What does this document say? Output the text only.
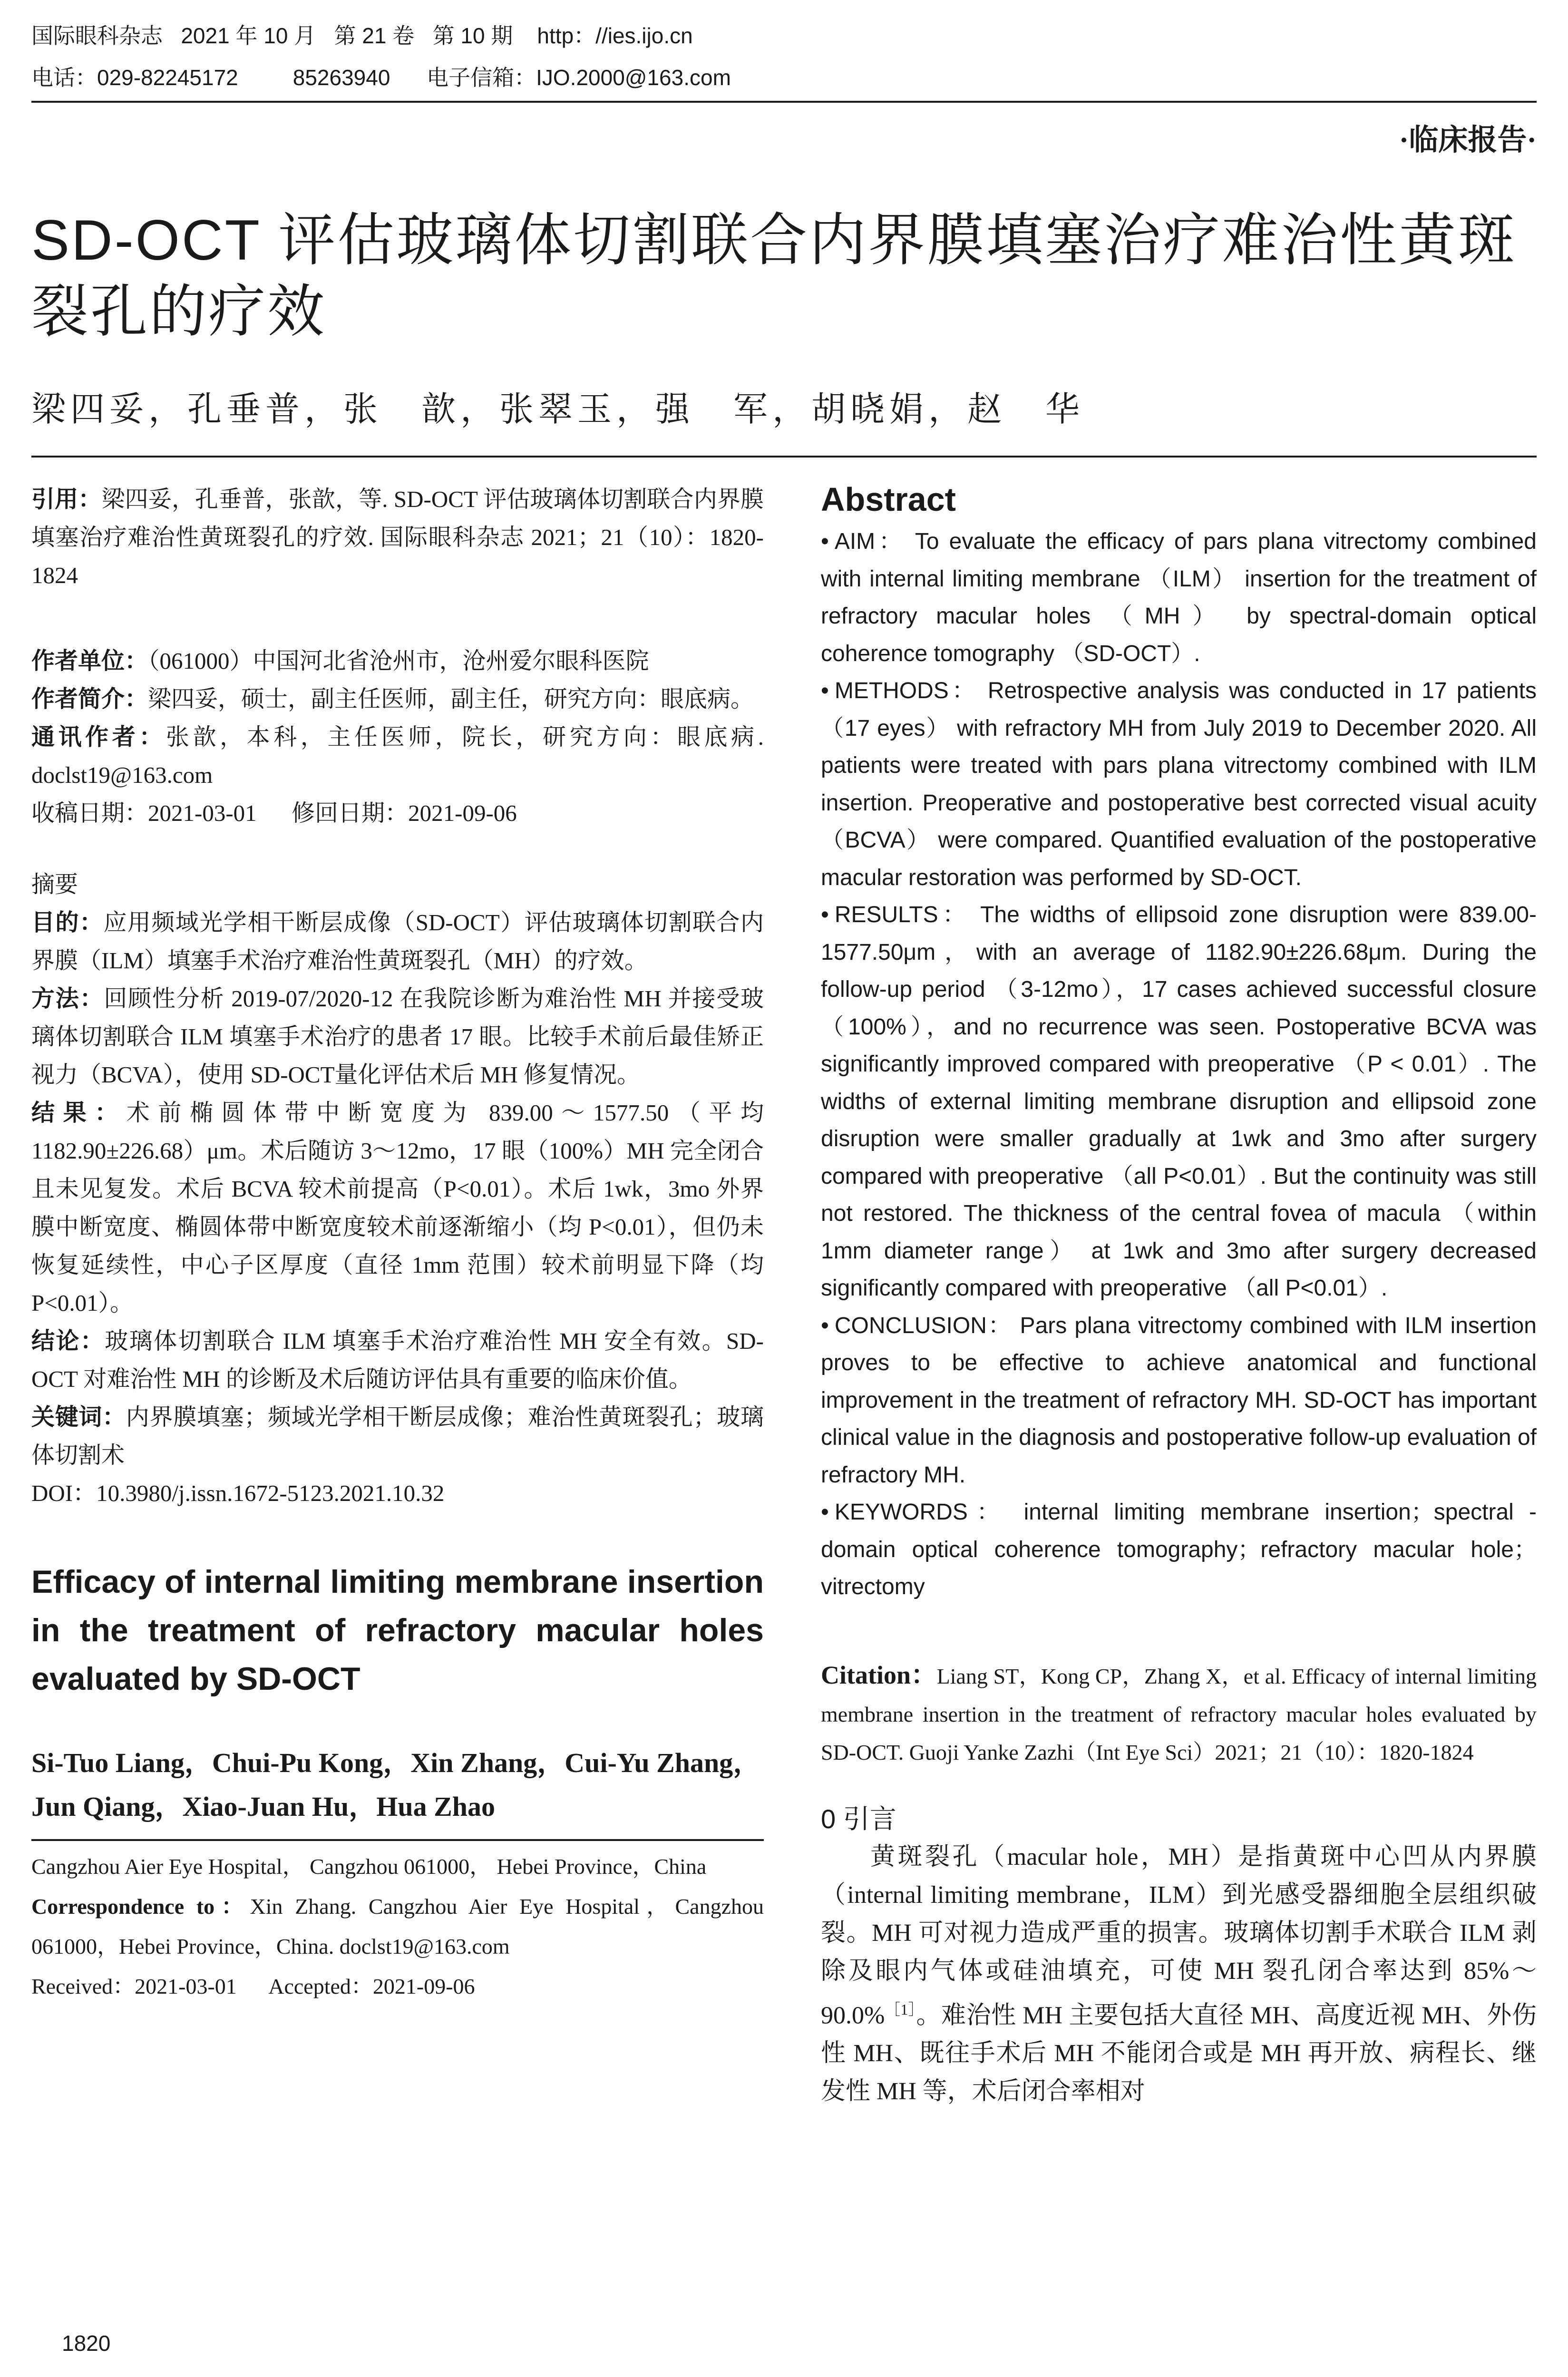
国际眼科杂志   2021 年 10 月   第 21 卷   第 10 期    http：//ies.ijo.cn
电话：029-82245172         85263940      电子信箱：IJO.2000@163.com
·临床报告·
SD-OCT 评估玻璃体切割联合内界膜填塞治疗难治性黄斑裂孔的疗效
梁四妥，孔垂普，张　歆，张翠玉，强　军，胡晓娟，赵　华

引用：梁四妥，孔垂普，张歆，等. SD-OCT 评估玻璃体切割联合内界膜填塞治疗难治性黄斑裂孔的疗效. 国际眼科杂志 2021；21（10）：1820-1824

作者单位：（061000）中国河北省沧州市，沧州爱尔眼科医院

作者简介：梁四妥，硕士，副主任医师，副主任，研究方向：眼底病。

通讯作者：张歆，本科，主任医师，院长，研究方向：眼底病. doclst19@163.com

收稿日期：2021-03-01      修回日期：2021-09-06

摘要

目的：应用频域光学相干断层成像（SD-OCT）评估玻璃体切割联合内界膜（ILM）填塞手术治疗难治性黄斑裂孔（MH）的疗效。

方法：回顾性分析 2019-07/2020-12 在我院诊断为难治性 MH 并接受玻璃体切割联合 ILM 填塞手术治疗的患者 17 眼。比较手术前后最佳矫正视力（BCVA），使用 SD-OCT量化评估术后 MH 修复情况。

结果：术前椭圆体带中断宽度为 839.00～1577.50（平均 1182.90±226.68）μm。术后随访 3～12mo，17 眼（100%）MH 完全闭合且未见复发。术后 BCVA 较术前提高（P<0.01）。术后 1wk，3mo 外界膜中断宽度、椭圆体带中断宽度较术前逐渐缩小（均 P<0.01），但仍未恢复延续性，中心子区厚度（直径 1mm 范围）较术前明显下降（均 P<0.01）。

结论：玻璃体切割联合 ILM 填塞手术治疗难治性 MH 安全有效。SD-OCT 对难治性 MH 的诊断及术后随访评估具有重要的临床价值。

关键词：内界膜填塞；频域光学相干断层成像；难治性黄斑裂孔；玻璃体切割术

DOI：10.3980/j.issn.1672-5123.2021.10.32

Efficacy of internal limiting membrane insertion in the treatment of refractory macular holes evaluated by SD-OCT

Si-Tuo Liang，Chui-Pu Kong，Xin Zhang，Cui-Yu Zhang，Jun Qiang，Xiao-Juan Hu，Hua Zhao

Cangzhou Aier Eye Hospital， Cangzhou 061000， Hebei Province，China

Correspondence to：Xin Zhang. Cangzhou Aier Eye Hospital，Cangzhou 061000，Hebei Province，China. doclst19@163.com

Received：2021-03-01      Accepted：2021-09-06

Abstract

• AIM： To evaluate the efficacy of pars plana vitrectomy combined with internal limiting membrane （ILM） insertion for the treatment of refractory macular holes （MH） by spectral-domain optical coherence tomography （SD-OCT）.

• METHODS： Retrospective analysis was conducted in 17 patients （17 eyes） with refractory MH from July 2019 to December 2020. All patients were treated with pars plana vitrectomy combined with ILM insertion. Preoperative and postoperative best corrected visual acuity （BCVA） were compared. Quantified evaluation of the postoperative macular restoration was performed by SD-OCT.

• RESULTS： The widths of ellipsoid zone disruption were 839.00-1577.50μm，with an average of 1182.90±226.68μm. During the follow-up period （3-12mo），17 cases achieved successful closure （100%），and no recurrence was seen. Postoperative BCVA was significantly improved compared with preoperative （P < 0.01）. The widths of external limiting membrane disruption and ellipsoid zone disruption were smaller gradually at 1wk and 3mo after surgery compared with preoperative （all P<0.01）. But the continuity was still not restored. The thickness of the central fovea of macula （within 1mm diameter range） at 1wk and 3mo after surgery decreased significantly compared with preoperative （all P<0.01）.

• CONCLUSION： Pars plana vitrectomy combined with ILM insertion proves to be effective to achieve anatomical and functional improvement in the treatment of refractory MH. SD-OCT has important clinical value in the diagnosis and postoperative follow-up evaluation of refractory MH.

• KEYWORDS： internal limiting membrane insertion；spectral - domain optical coherence tomography；refractory macular hole；vitrectomy

Citation：Liang ST，Kong CP，Zhang X，et al. Efficacy of internal limiting membrane insertion in the treatment of refractory macular holes evaluated by SD-OCT. Guoji Yanke Zazhi（Int Eye Sci）2021；21（10）：1820-1824

0 引言

黄斑裂孔（macular hole，MH）是指黄斑中心凹从内界膜（internal limiting membrane，ILM）到光感受器细胞全层组织破裂。MH 可对视力造成严重的损害。玻璃体切割手术联合 ILM 剥除及眼内气体或硅油填充，可使 MH 裂孔闭合率达到 85%～90.0%$^{[1]}$。难治性 MH 主要包括大直径 MH、高度近视 MH、外伤性 MH、既往手术后 MH 不能闭合或是 MH 再开放、病程长、继发性 MH 等，术后闭合率相对

1820
